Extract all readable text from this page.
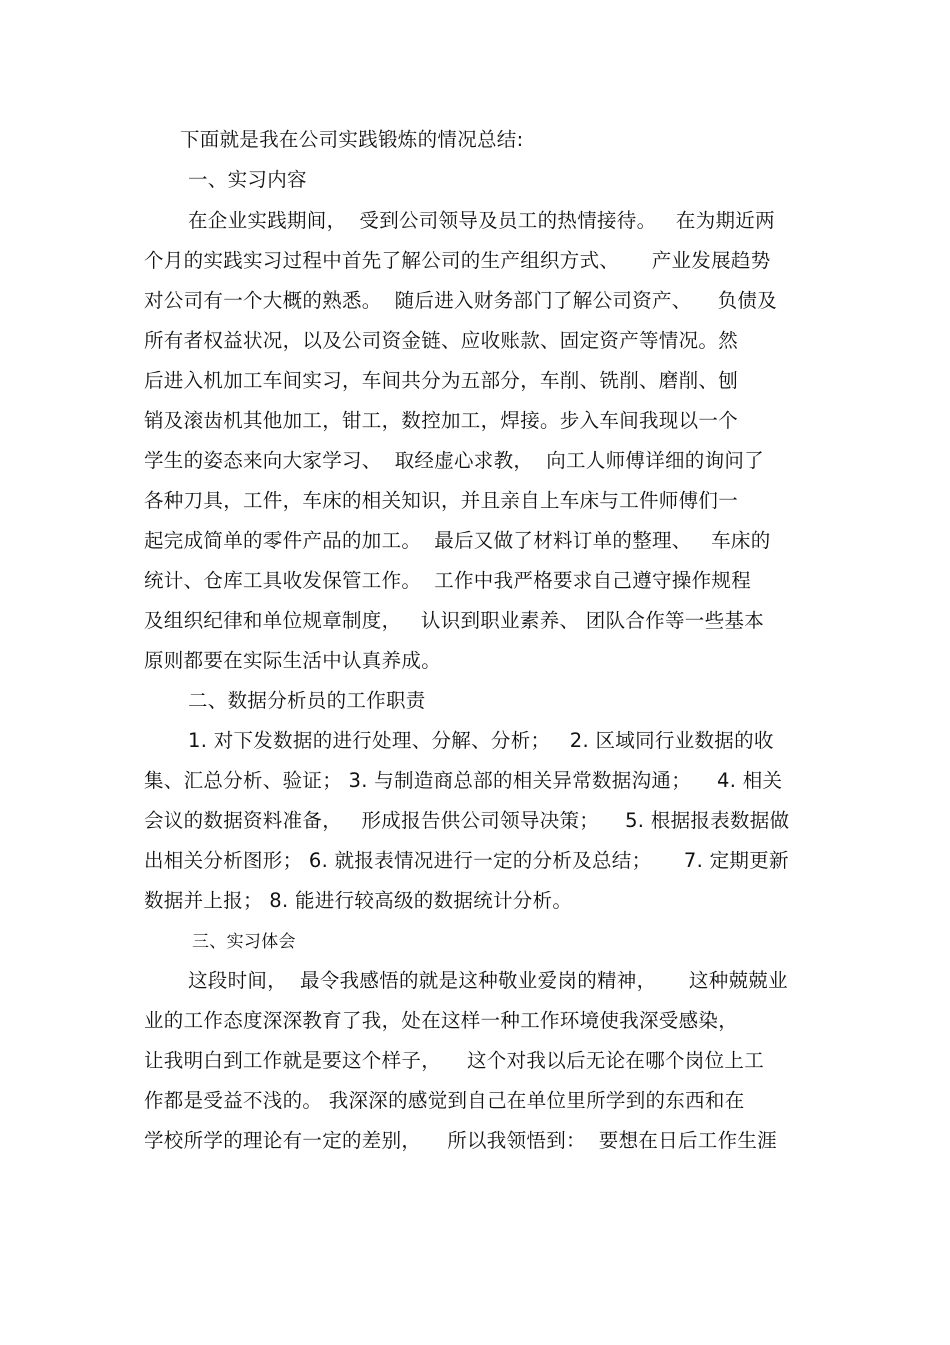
下面就是我在公司实践锻炼的情况总结:
一、实习内容
在企业实践期间，  受到公司领导及员工的热情接待。   在为期近两
个月的实践实习过程中首先了解公司的生产组织方式、     产业发展趋势
对公司有一个大概的熟悉。  随后进入财务部门了解公司资产、    负债及
所有者权益状况，以及公司资金链、应收账款、固定资产等情况。然
后进入机加工车间实习，车间共分为五部分，车削、铣削、磨削、刨
销及滚齿机其他加工，钳工，数控加工，焊接。步入车间我现以一个
学生的姿态来向大家学习、  取经虚心求教，  向工人师傅详细的询问了
各种刀具，工件，车床的相关知识，并且亲自上车床与工件师傅们一
起完成简单的零件产品的加工。  最后又做了材料订单的整理、   车床的
统计、仓库工具收发保管工作。  工作中我严格要求自己遵守操作规程
及组织纪律和单位规章制度，   认识到职业素养、 团队合作等一些基本
原则都要在实际生活中认真养成。
二、数据分析员的工作职责
1. 对下发数据的进行处理、分解、分析；   2. 区域同行业数据的收
集、汇总分析、验证； 3. 与制造商总部的相关异常数据沟通；    4. 相关
会议的数据资料准备，   形成报告供公司领导决策；    5. 根据报表数据做
出相关分析图形； 6. 就报表情况进行一定的分析及总结；     7. 定期更新
数据并上报； 8. 能进行较高级的数据统计分析。
三、实习体会
这段时间，  最令我感悟的就是这种敬业爱岗的精神，     这种兢兢业
业的工作态度深深教育了我，处在这样一种工作环境使我深受感染，
让我明白到工作就是要这个样子，    这个对我以后无论在哪个岗位上工
作都是受益不浅的。 我深深的感觉到自己在单位里所学到的东西和在
学校所学的理论有一定的差别，    所以我领悟到：  要想在日后工作生涯
